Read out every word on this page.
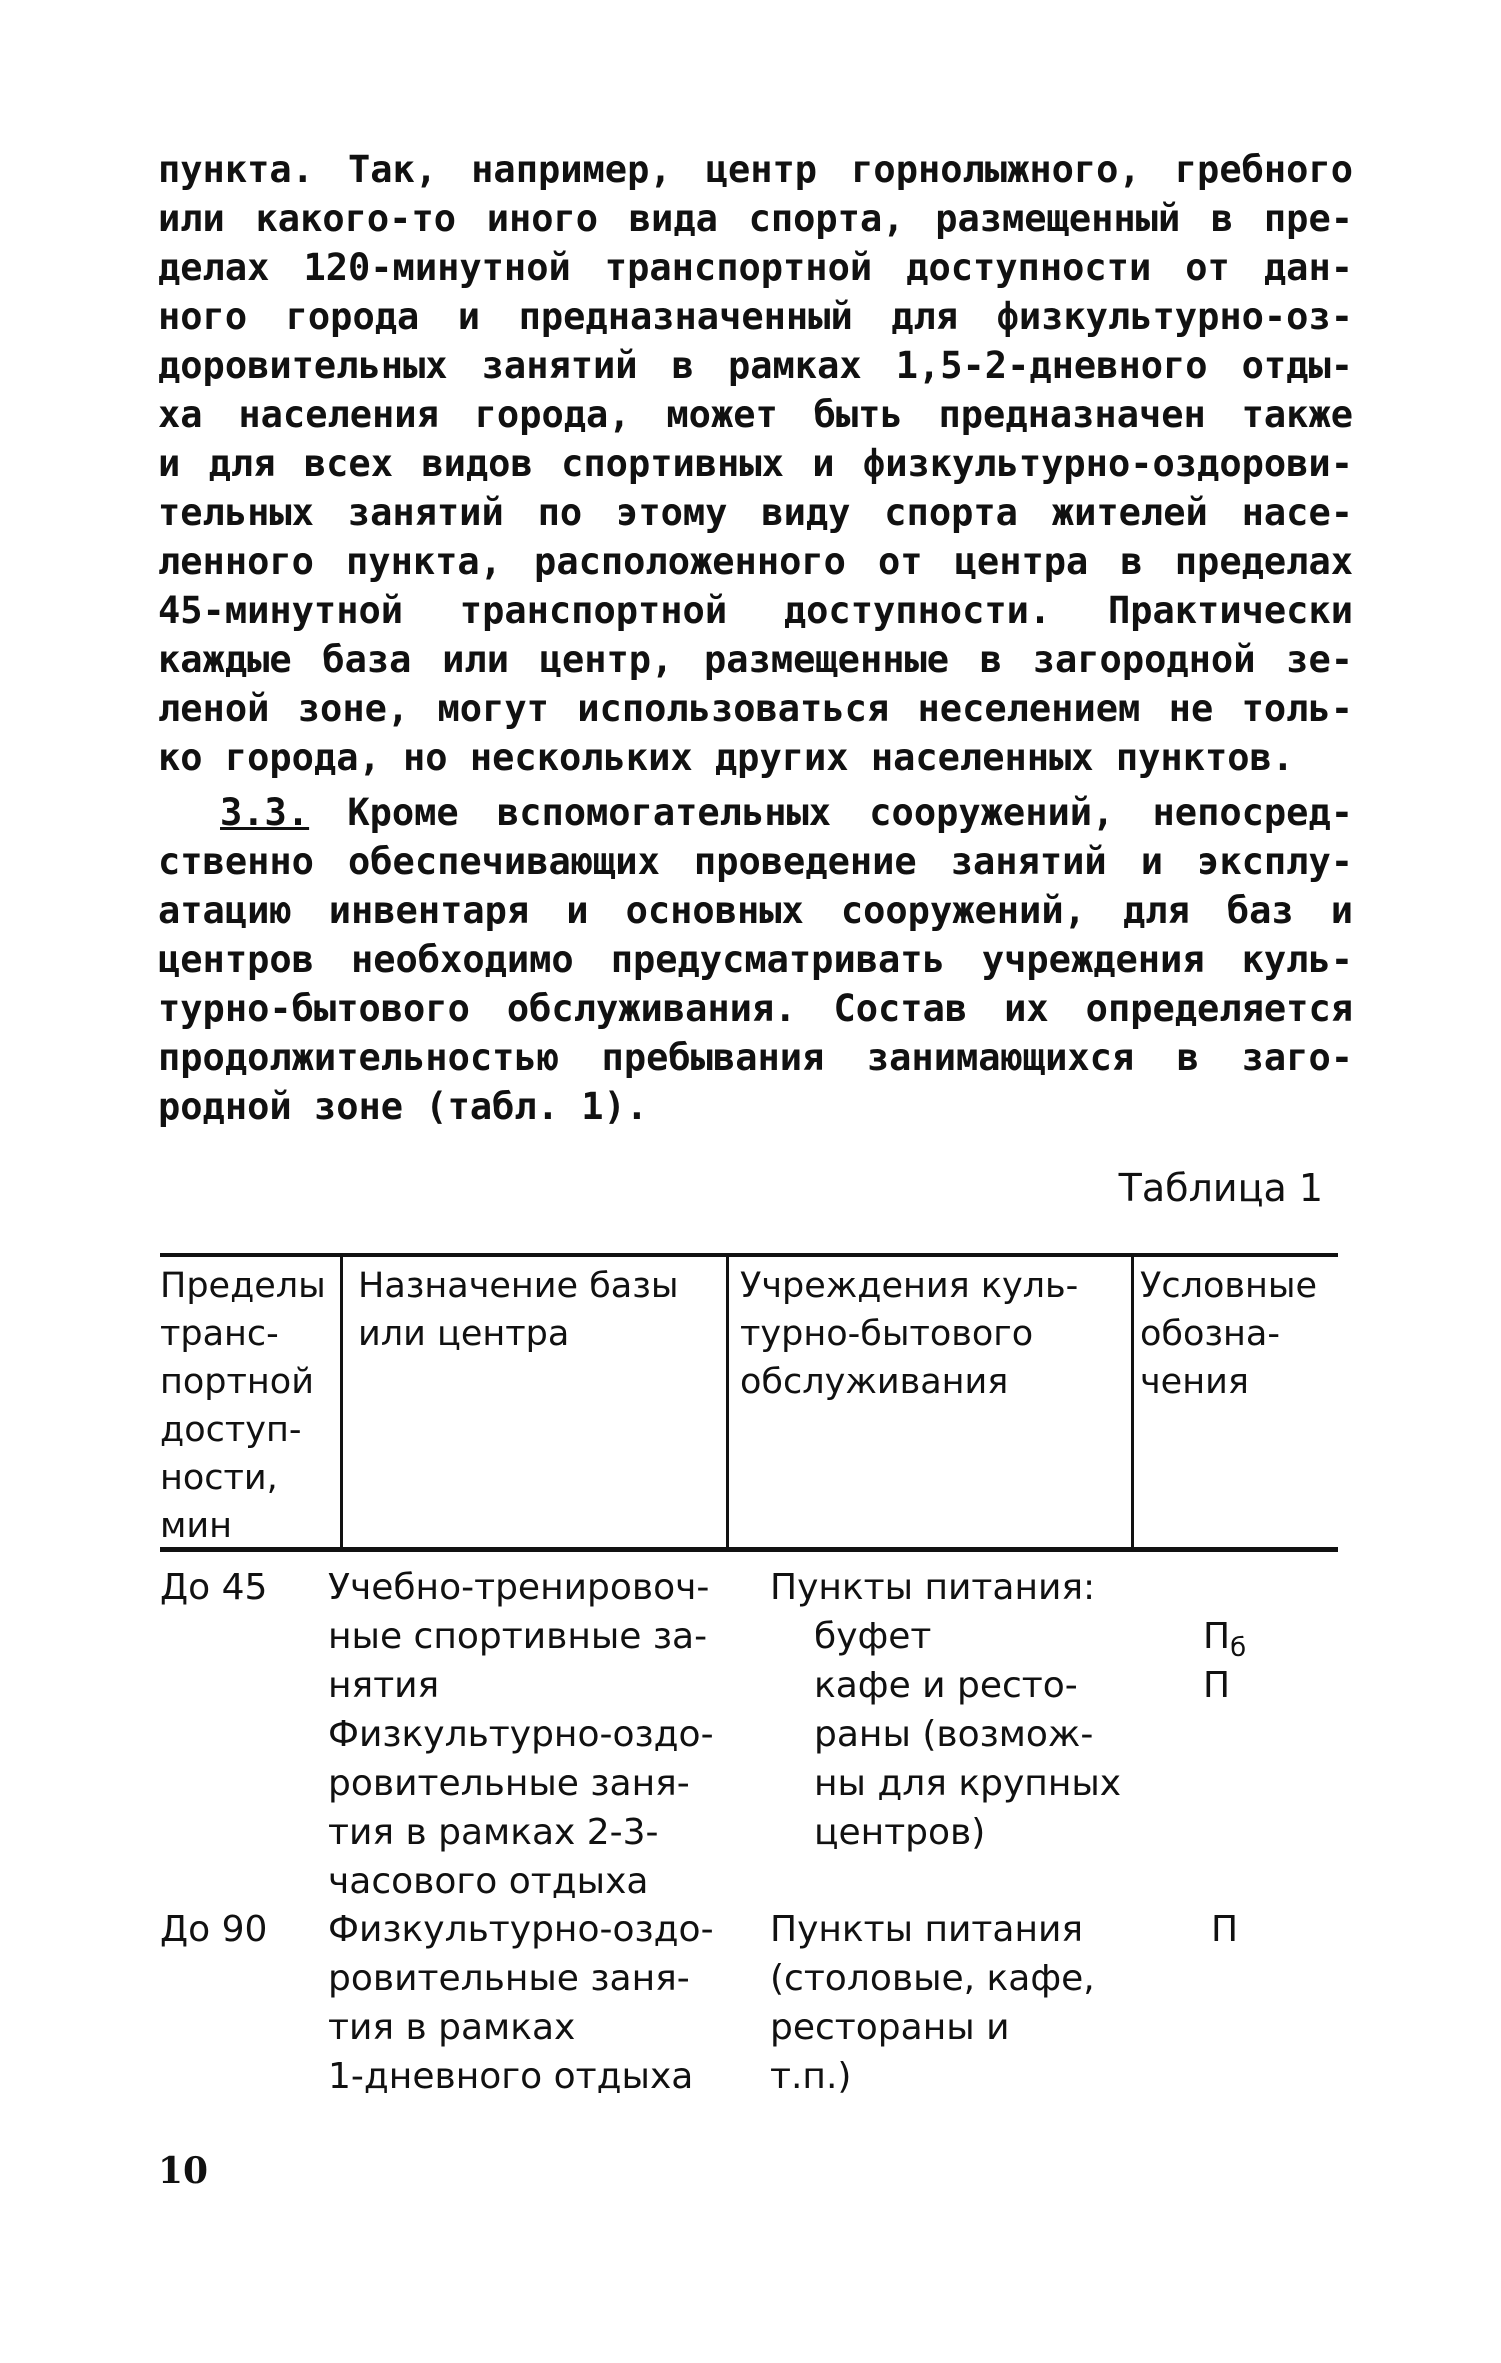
пункта. Так, например, центр горнолыжного, гребного
или какого-то иного вида спорта, размещенный в пре-
делах 120-минутной транспортной доступности от дан-
ного города и предназначенный для физкультурно-оз-
доровительных занятий в рамках 1,5-2-дневного отды-
ха населения города, может быть предназначен также
и для всех видов спортивных и физкультурно-оздорови-
тельных занятий по этому виду спорта жителей насе-
ленного пункта, расположенного от центра в пределах
45-минутной транспортной доступности. Практически
каждые база или центр, размещенные в загородной зе-
леной зоне, могут использоваться неселением не толь-
ко города, но нескольких других населенных пунктов.
3.3. Кроме вспомогательных сооружений, непосред-
ственно обеспечивающих проведение занятий и эксплу-
атацию инвентаря и основных сооружений, для баз и
центров необходимо предусматривать учреждения куль-
турно-бытового обслуживания. Состав их определяется
продолжительностью пребывания занимающихся в заго-
родной зоне (табл. 1).
Таблица 1
Пределы
транс-
портной
доступ-
ности,
мин
Назначение базы
или центра
Учреждения куль-
турно-бытового
обслуживания
Условные
обозна-
чения
До 45 Учебно-тренировоч-
ные спортивные за-
нятия
Физкультурно-оздо-
ровительные заня-
тия в рамках 2-3-
часового отдыха
Пункты питания:
буфет
кафе и ресто-
раны (возмож-
ны для крупных
центров)
$П_б$
П
До 90 Физкультурно-оздо-
ровительные заня-
тия в рамках
1-дневного отдыха
Пункты питания
(столовые, кафе,
рестораны и
т.п.)
П
10
